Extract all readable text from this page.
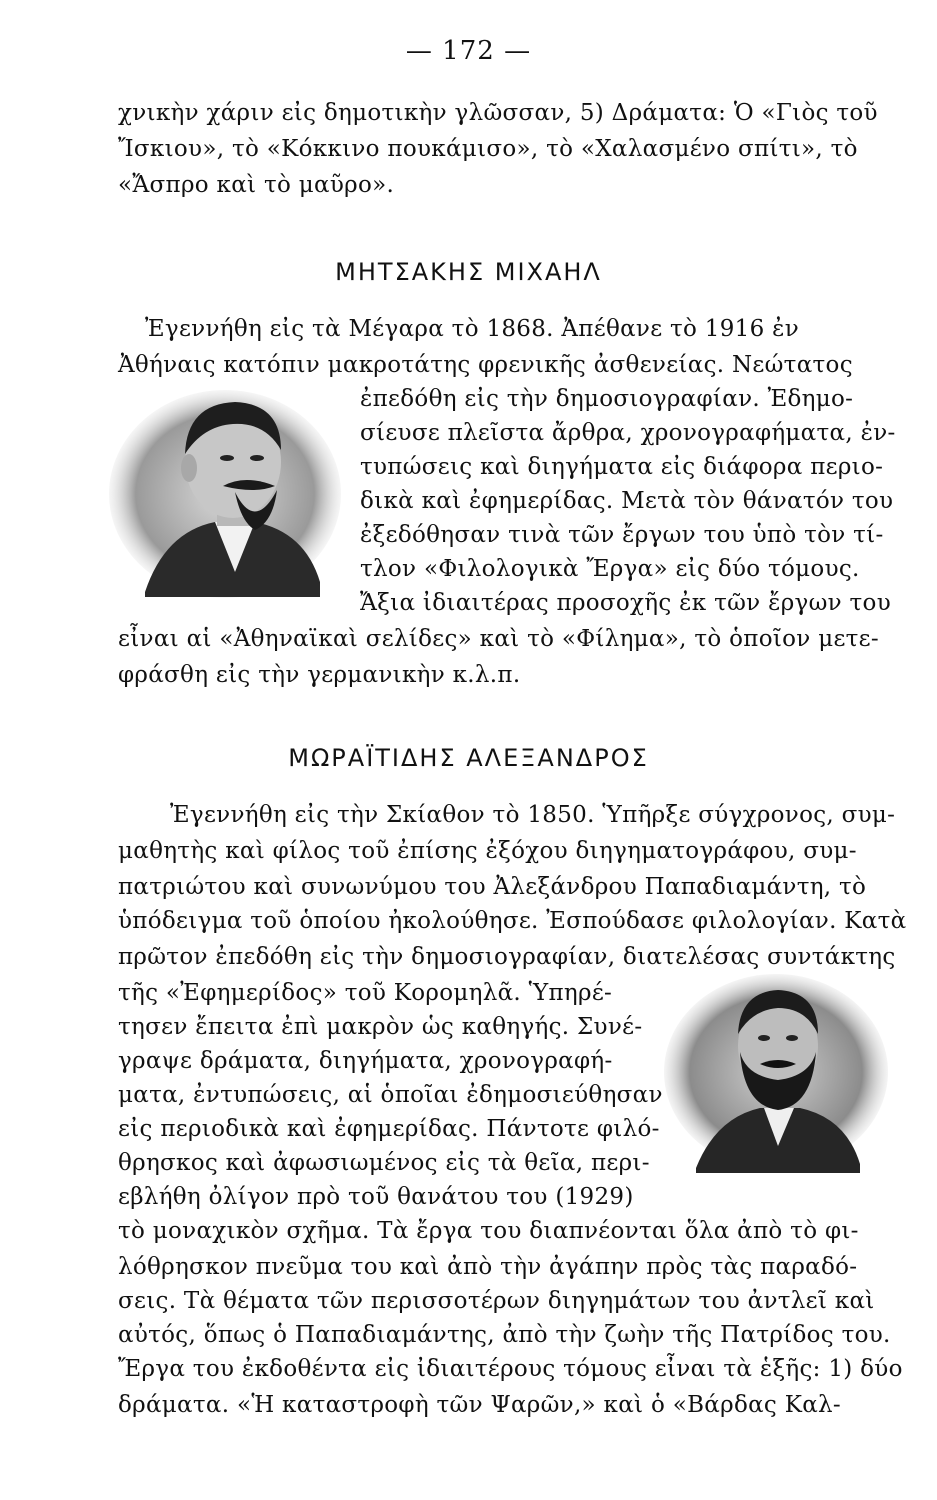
— 172 —
χνικὴν χάριν εἰς δημοτικὴν γλῶσσαν, 5) Δράματα: Ὁ «Γιὸς τοῦ
Ἴσκιου», τὸ «Κόκκινο πουκάμισο», τὸ «Χαλασμένο σπίτι», τὸ
«Ἄσπρο καὶ τὸ μαῦρο».
ΜΗΤΣΑΚΗΣ ΜΙΧΑΗΛ
Ἐγεννήθη εἰς τὰ Μέγαρα τὸ 1868. Ἀπέθανε τὸ 1916 ἐν
Ἀθήναις κατόπιν μακροτάτης φρενικῆς ἀσθενείας. Νεώτατος
ἐπεδόθη εἰς τὴν δημοσιογραφίαν. Ἐδημο-
σίευσε πλεῖστα ἄρθρα, χρονογραφήματα, ἐν-
τυπώσεις καὶ διηγήματα εἰς διάφορα περιο-
δικὰ καὶ ἐφημερίδας. Μετὰ τὸν θάνατόν του
ἐξεδόθησαν τινὰ τῶν ἔργων του ὑπὸ τὸν τί-
τλον «Φιλολογικὰ Ἔργα» εἰς δύο τόμους.
Ἄξια ἰδιαιτέρας προσοχῆς ἐκ τῶν ἔργων του
εἶναι αἱ «Ἀθηναϊκαὶ σελίδες» καὶ τὸ «Φίλημα», τὸ ὁποῖον μετε-
φράσθη εἰς τὴν γερμανικὴν κ.λ.π.
ΜΩΡΑΪΤΙΔΗΣ ΑΛΕΞΑΝΔΡΟΣ
Ἐγεννήθη εἰς τὴν Σκίαθον τὸ 1850. Ὑπῆρξε σύγχρονος, συμ-
μαθητὴς καὶ φίλος τοῦ ἐπίσης ἐξόχου διηγηματογράφου, συμ-
πατριώτου καὶ συνωνύμου του Ἀλεξάνδρου Παπαδιαμάντη, τὸ
ὑπόδειγμα τοῦ ὁποίου ἠκολούθησε. Ἐσπούδασε φιλολογίαν. Κατὰ
πρῶτον ἐπεδόθη εἰς τὴν δημοσιογραφίαν, διατελέσας συντάκτης
τῆς «Ἐφημερίδος» τοῦ Κορομηλᾶ. Ὑπηρέ-
τησεν ἔπειτα ἐπὶ μακρὸν ὡς καθηγής. Συνέ-
γραψε δράματα, διηγήματα, χρονογραφή-
ματα, ἐντυπώσεις, αἱ ὁποῖαι ἐδημοσιεύθησαν
εἰς περιοδικὰ καὶ ἐφημερίδας. Πάντοτε φιλό-
θρησκος καὶ ἀφωσιωμένος εἰς τὰ θεῖα, περι-
εβλήθη ὀλίγον πρὸ τοῦ θανάτου του (1929)
τὸ μοναχικὸν σχῆμα. Τὰ ἔργα του διαπνέονται ὅλα ἀπὸ τὸ φι-
λόθρησκον πνεῦμα του καὶ ἀπὸ τὴν ἀγάπην πρὸς τὰς παραδό-
σεις. Τὰ θέματα τῶν περισσοτέρων διηγημάτων του ἀντλεῖ καὶ
αὐτός, ὅπως ὁ Παπαδιαμάντης, ἀπὸ τὴν ζωὴν τῆς Πατρίδος του.
Ἔργα του ἐκδοθέντα εἰς ἰδιαιτέρους τόμους εἶναι τὰ ἑξῆς: 1) δύο
δράματα. «Ἡ καταστροφὴ τῶν Ψαρῶν,» καὶ ὁ «Βάρδας Καλ-
